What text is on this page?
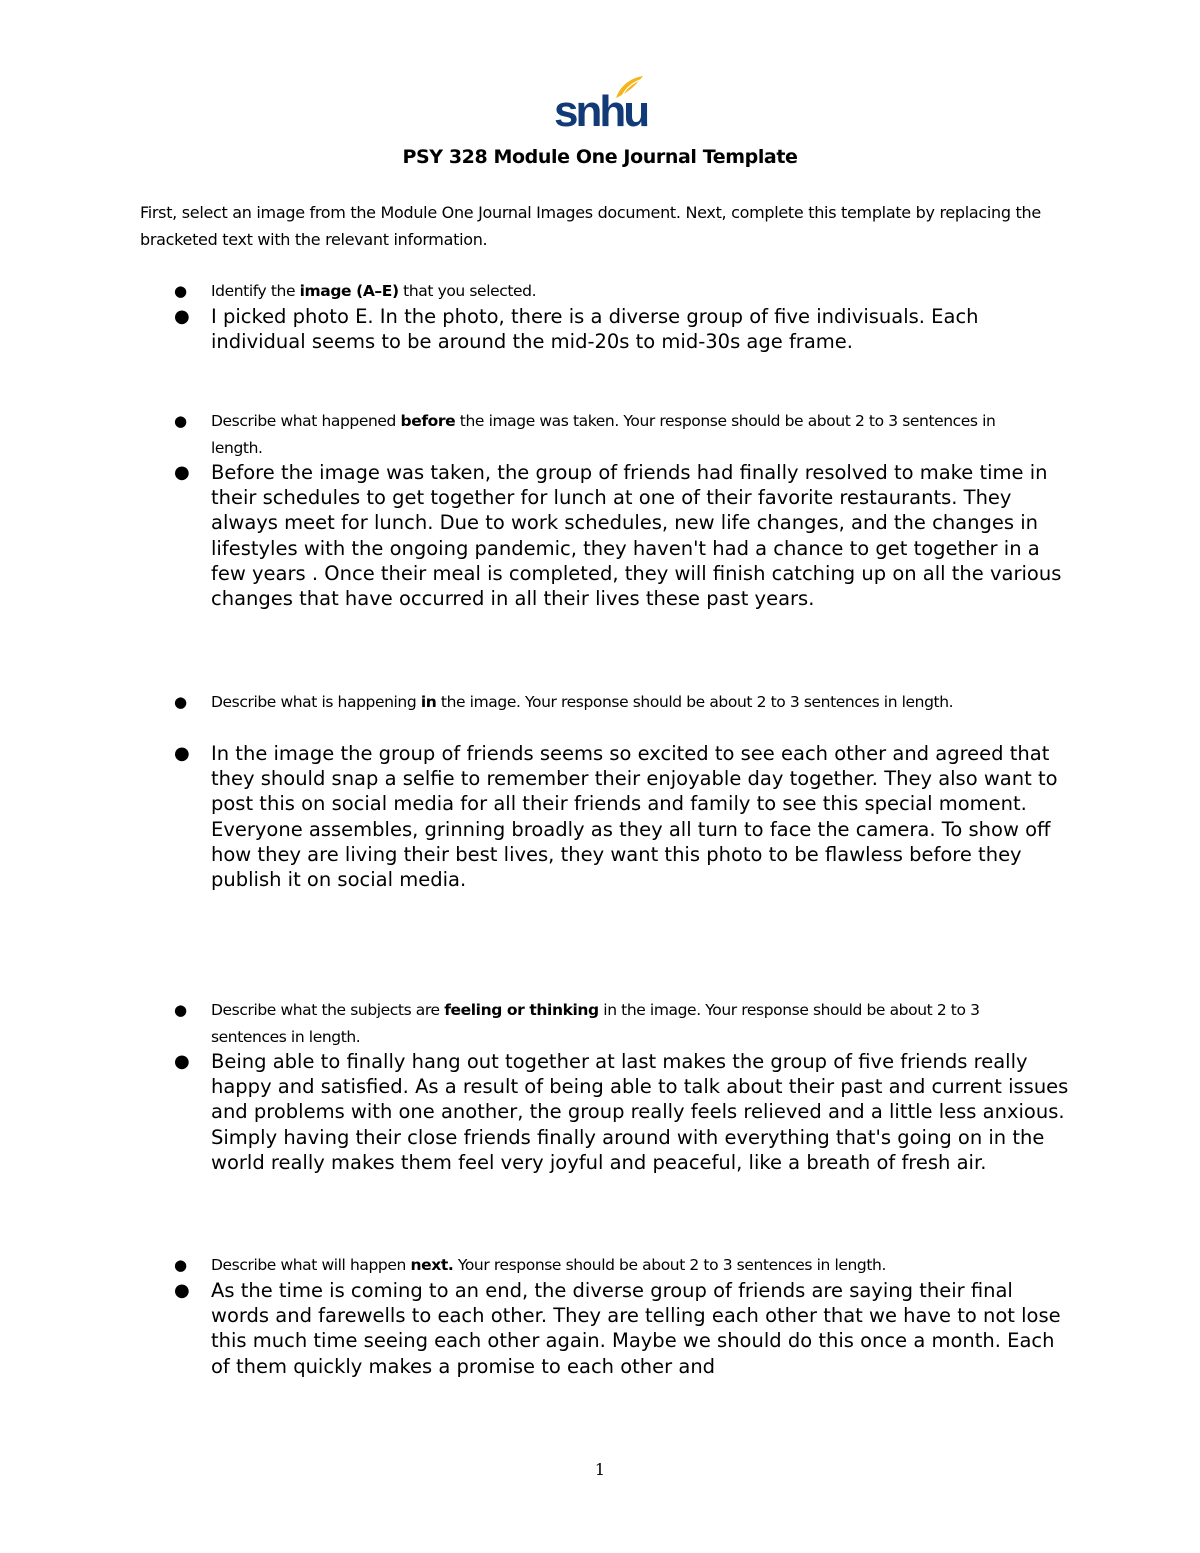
snhu
PSY 328 Module One Journal Template
First, select an image from the Module One Journal Images document. Next, complete this template by replacing the bracketed text with the relevant information.
● Identify the image (A–E) that you selected.
● I picked photo E. In the photo, there is a diverse group of five indivisuals. Each individual seems to be around the mid-20s to mid-30s age frame.
● Describe what happened before the image was taken. Your response should be about 2 to 3 sentences in length.
● Before the image was taken, the group of friends had finally resolved to make time in their schedules to get together for lunch at one of their favorite restaurants. They always meet for lunch. Due to work schedules, new life changes, and the changes in lifestyles with the ongoing pandemic, they haven't had a chance to get together in a few years . Once their meal is completed, they will finish catching up on all the various changes that have occurred in all their lives these past years.
● Describe what is happening in the image. Your response should be about 2 to 3 sentences in length.
● In the image the group of friends seems so excited to see each other and agreed that they should snap a selfie to remember their enjoyable day together. They also want to post this on social media for all their friends and family to see this special moment. Everyone assembles, grinning broadly as they all turn to face the camera. To show off how they are living their best lives, they want this photo to be flawless before they publish it on social media.
● Describe what the subjects are feeling or thinking in the image. Your response should be about 2 to 3 sentences in length.
● Being able to finally hang out together at last makes the group of five friends really happy and satisfied. As a result of being able to talk about their past and current issues and problems with one another, the group really feels relieved and a little less anxious. Simply having their close friends finally around with everything that's going on in the world really makes them feel very joyful and peaceful, like a breath of fresh air.
● Describe what will happen next. Your response should be about 2 to 3 sentences in length.
● As the time is coming to an end, the diverse group of friends are saying their final words and farewells to each other. They are telling each other that we have to not lose this much time seeing each other again. Maybe we should do this once a month. Each of them quickly makes a promise to each other and
1
